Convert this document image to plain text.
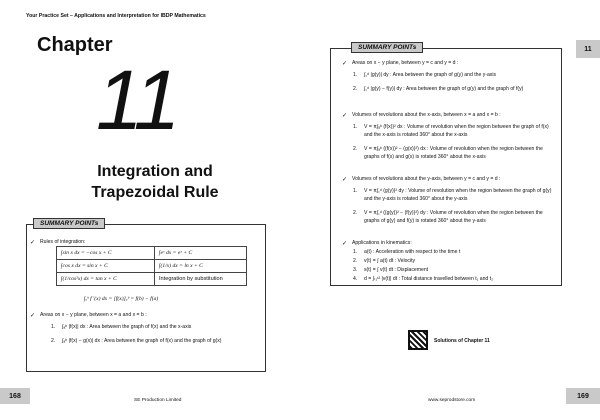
Your Practice Set – Applications and Interpretation for IBDP Mathematics
Chapter
11
Integration and
Trapezoidal Rule
SUMMARY POINTs
✓ Rules of integration:
∫sin x dx = −cos x + C	∫eˣ dx = eˣ + C
∫cos x dx = sin x + C	∫(1/x) dx = ln x + C
∫(1/cos²x) dx = tan x + C	Integration by substitution
∫ₐᵇ f ′(x) dx = [f(x)]ₐᵇ = f(b) − f(a)
✓ Areas on x − y plane, between x = a and x = b :
1. ∫ₐᵇ |f(x)| dx : Area between the graph of f(x) and the x-axis
2. ∫ₐᵇ |f(x) − g(x)| dx : Area between the graph of f(x) and the graph of g(x)
168
SE Production Limited
11
SUMMARY POINTs
✓ Areas on x − y plane, between y = c and y = d :
1. ∫꜀ᵈ |g(y)| dy : Area between the graph of g(y) and the y-axis
2. ∫꜀ᵈ |g(y) − f(y)| dy : Area between the graph of g(y) and the graph of f(y)
✓ Volumes of revolutions about the x-axis, between x = a and x = b :
1. V = π∫ₐᵇ (f(x))² dx : Volume of revolution when the region between the graph of f(x) and the x-axis is rotated 360° about the x-axis
2. V = π∫ₐᵇ ((f(x))² − (g(x))²) dx : Volume of revolution when the region between the graphs of f(x) and g(x) is rotated 360° about the x-axis
✓ Volumes of revolutions about the y-axis, between y = c and y = d :
1. V = π∫꜀ᵈ (g(y))² dy : Volume of revolution when the region between the graph of g(y) and the y-axis is rotated 360° about the y-axis
2. V = π∫꜀ᵈ ((g(y))² − (f(y))²) dy : Volume of revolution when the region between the graphs of g(y) and f(y) is rotated 360° about the y-axis
✓ Applications in kinematics:
1. a(t) : Acceleration with respect to the time t
2. v(t) = ∫ a(t) dt : Velocity
3. s(t) = ∫ v(t) dt : Displacement
4. d = ∫ₜ₁ᵗ² |v(t)| dt : Total distance travelled between t₁ and t₂
Solutions of Chapter 11
169
www.seprodstore.com
